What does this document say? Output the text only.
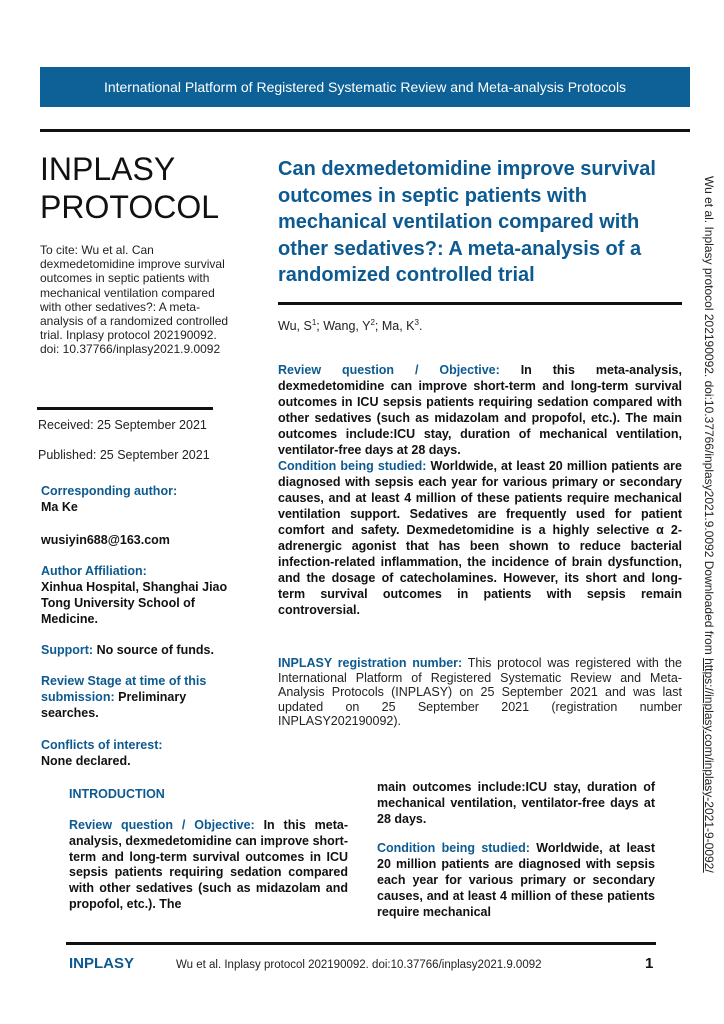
International Platform of Registered Systematic Review and Meta-analysis Protocols
INPLASY
PROTOCOL
To cite: Wu et al. Can dexmedetomidine improve survival outcomes in septic patients with mechanical ventilation compared with other sedatives?: A meta-analysis of a randomized controlled trial. Inplasy protocol 202190092. doi: 10.37766/inplasy2021.9.0092
Received: 25 September 2021
Published: 25 September 2021
Corresponding author:
Ma Ke
wusiyin688@163.com
Author Affiliation:
Xinhua Hospital, Shanghai Jiao Tong University School of Medicine.
Support: No source of funds.
Review Stage at time of this submission: Preliminary searches.
Conflicts of interest:
None declared.
Can dexmedetomidine improve survival outcomes in septic patients with mechanical ventilation compared with other sedatives?: A meta-analysis of a randomized controlled trial
Wu, $S^1$; Wang, $Y^2$; Ma, $K^3$.

Review question / Objective: In this meta-analysis, dexmedetomidine can improve short-term and long-term survival outcomes in ICU sepsis patients requiring sedation compared with other sedatives (such as midazolam and propofol, etc.). The main outcomes include:ICU stay, duration of mechanical ventilation, ventilator-free days at 28 days.

Condition being studied: Worldwide, at least 20 million patients are diagnosed with sepsis each year for various primary or secondary causes, and at least 4 million of these patients require mechanical ventilation support. Sedatives are frequently used for patient comfort and safety. Dexmedetomidine is a highly selective α 2-adrenergic agonist that has been shown to reduce bacterial infection-related inflammation, the incidence of brain dysfunction, and the dosage of catecholamines. However, its short and long-term survival outcomes in patients with sepsis remain controversial.

INPLASY registration number: This protocol was registered with the International Platform of Registered Systematic Review and Meta-Analysis Protocols (INPLASY) on 25 September 2021 and was last updated on 25 September 2021 (registration number INPLASY202190092).
INTRODUCTION

Review question / Objective: In this meta-analysis, dexmedetomidine can improve short-term and long-term survival outcomes in ICU sepsis patients requiring sedation compared with other sedatives (such as midazolam and propofol, etc.). The

main outcomes include:ICU stay, duration of mechanical ventilation, ventilator-free days at 28 days.

Condition being studied: Worldwide, at least 20 million patients are diagnosed with sepsis each year for various primary or secondary causes, and at least 4 million of these patients require mechanical

INPLASY	Wu et al. Inplasy protocol 202190092. doi:10.37766/inplasy2021.9.0092	1
Wu et al. Inplasy protocol 202190092. doi:10.37766/inplasy2021.9.0092 Downloaded from https://inplasy.com/inplasy-2021-9-0092/
